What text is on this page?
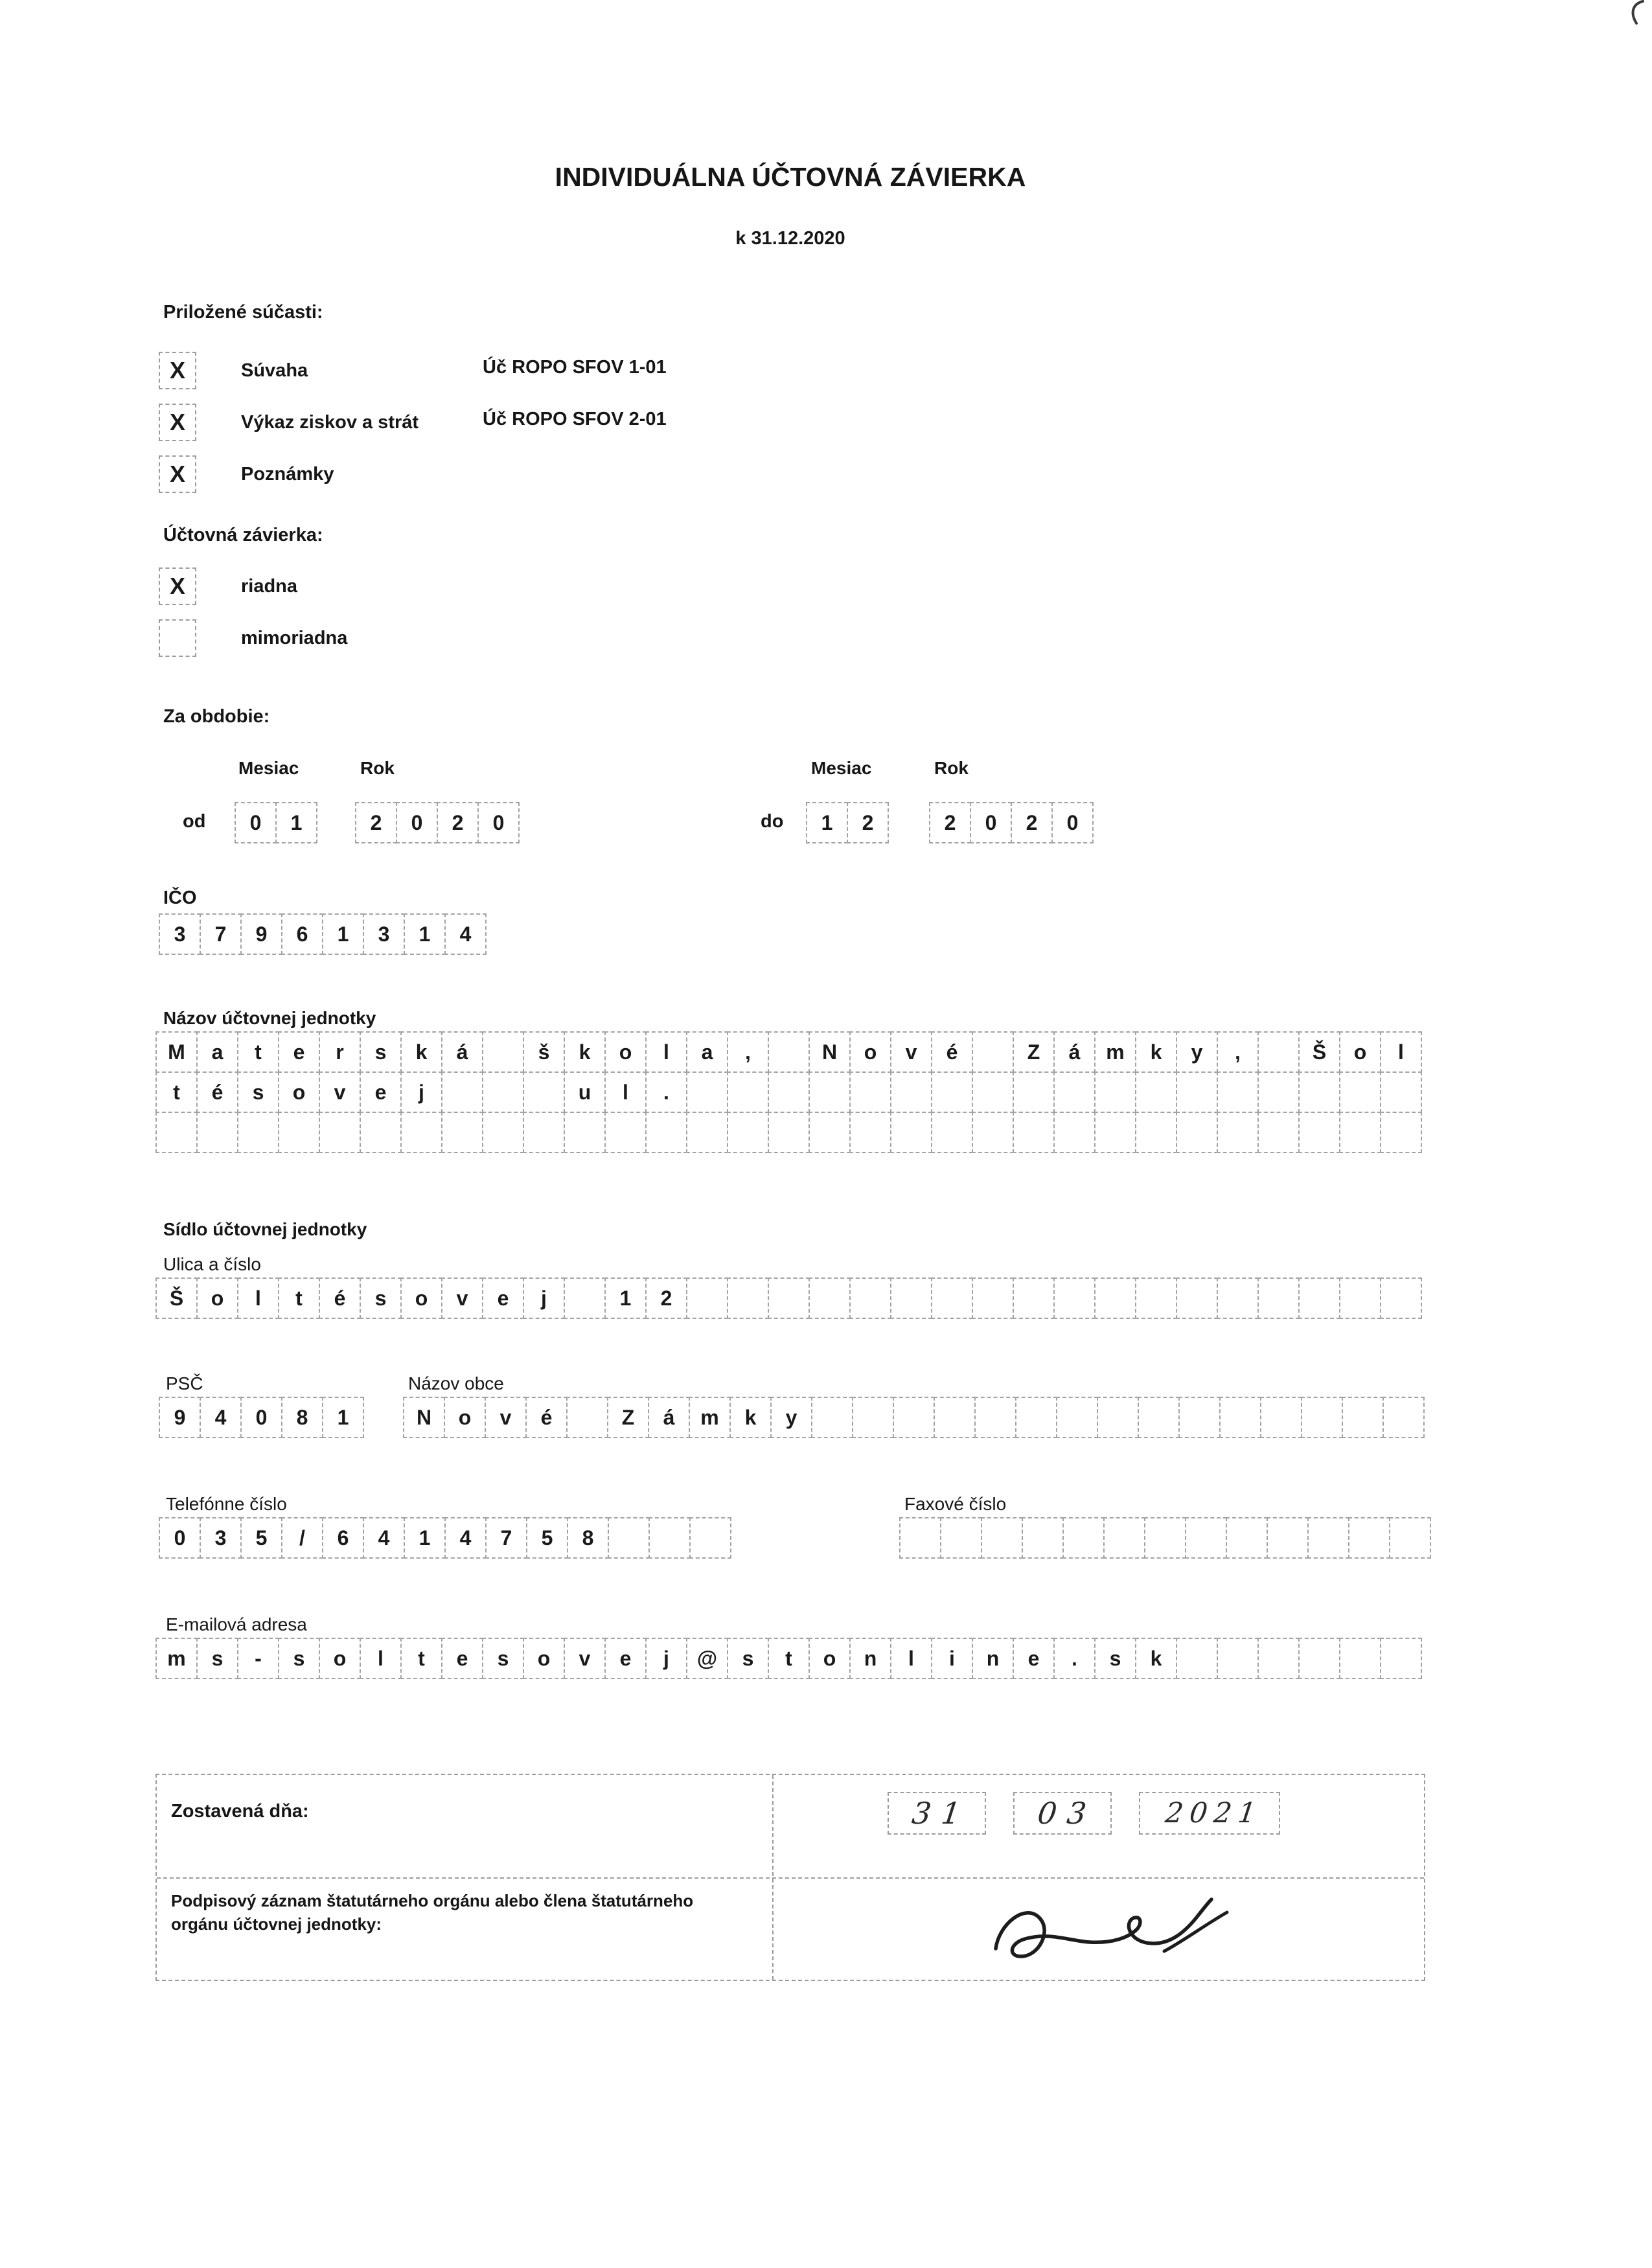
INDIVIDUÁLNA ÚČTOVNÁ ZÁVIERKA
k 31.12.2020
Priložené súčasti:
X	Súvaha	Úč ROPO SFOV 1-01
X	Výkaz ziskov a strát	Úč ROPO SFOV 2-01
X	Poznámky
Účtovná závierka:
X	riadna
mimoriadna
Za obdobie:
Mesiac	Rok	Mesiac	Rok
od	0	1	2	0	2	0	do	1	2	2	0	2	0
IČO
3	7	9	6	1	3	1	4
Názov účtovnej jednotky
M	a	t	e	r	s	k	á	š	k	o	l	a	,	N	o	v	é	Z	á	m	k	y	,	Š	o	l
t	é	s	o	v	e	j	u	l	.
Sídlo účtovnej jednotky
Ulica a číslo
Š	o	l	t	é	s	o	v	e	j	1	2
PSČ
9	4	0	8	1
Názov obce
N	o	v	é	Z	á	m	k	y
Telefónne číslo
0	3	5	/	6	4	1	4	7	5	8
Faxové číslo
E-mailová adresa
m	s	-	s	o	l	t	e	s	o	v	e	j	@	s	t	o	n	l	i	n	e	.	s	k
Zostavená dňa:	31	03	2021
Podpisový záznam štatutárneho orgánu alebo člena štatutárneho orgánu účtovnej jednotky:
